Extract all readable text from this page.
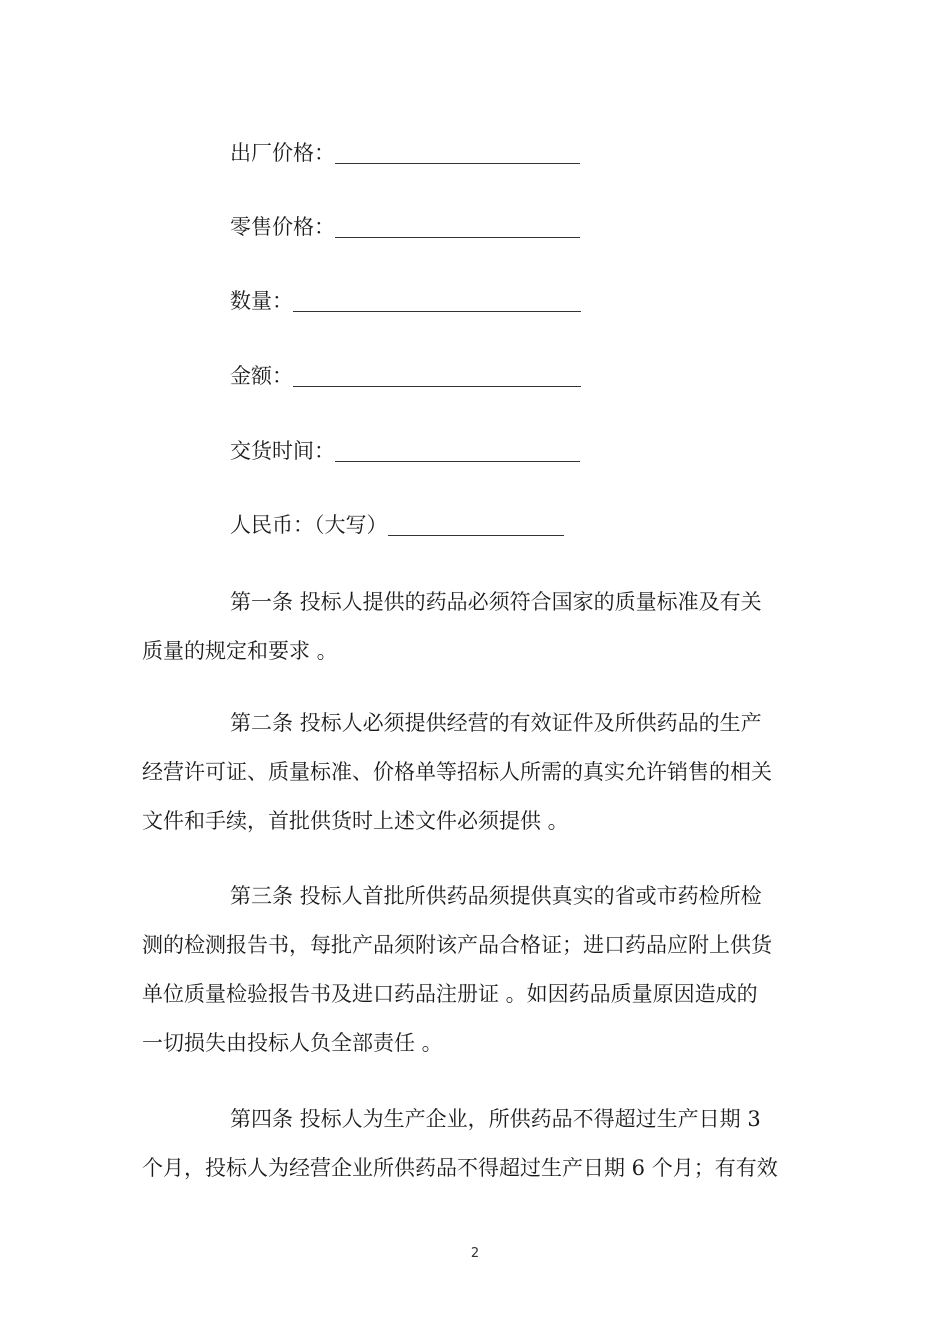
出厂价格：
零售价格：
数量：
金额：
交货时间：
人民币：（大写）
第一条 投标人提供的药品必须符合国家的质量标准及有关
质量的规定和要求 。
第二条 投标人必须提供经营的有效证件及所供药品的生产
经营许可证、质量标准、价格单等招标人所需的真实允许销售的相关
文件和手续，首批供货时上述文件必须提供 。
第三条 投标人首批所供药品须提供真实的省或市药检所检
测的检测报告书，每批产品须附该产品合格证；进口药品应附上供货
单位质量检验报告书及进口药品注册证 。如因药品质量原因造成的
一切损失由投标人负全部责任 。
第四条 投标人为生产企业，所供药品不得超过生产日期 3
个月，投标人为经营企业所供药品不得超过生产日期 6 个月；有有效
2
